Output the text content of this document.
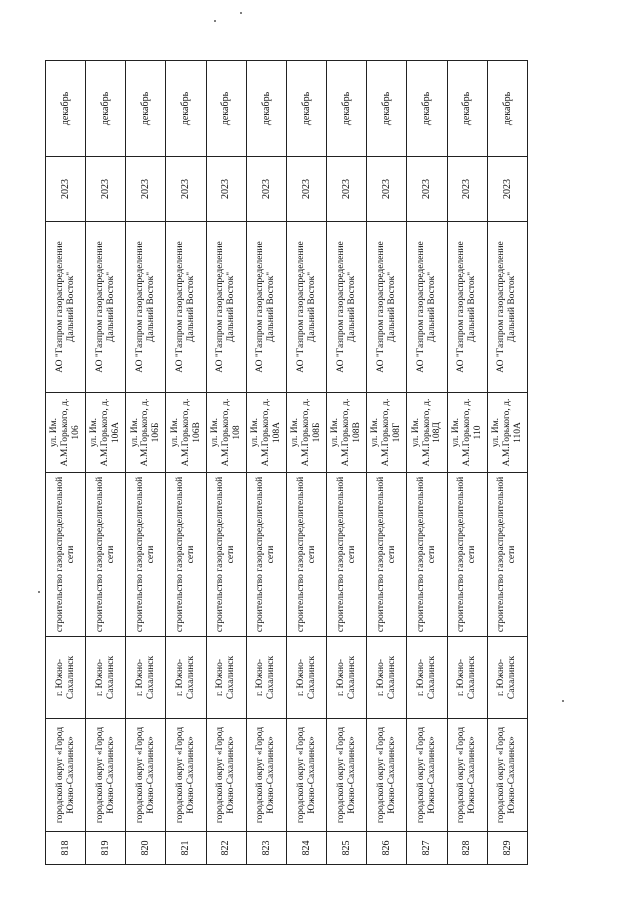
818	городской округ «Город Южно-Сахалинск»	г. Южно-Сахалинск	строительство газораспределительной сети	ул. Им. А.М.Горького, д. 106	АО "Газпром газораспределение Дальний Восток"	2023	декабрь
819	городской округ «Город Южно-Сахалинск»	г. Южно-Сахалинск	строительство газораспределительной сети	ул. Им. А.М.Горького, д. 106А	АО "Газпром газораспределение Дальний Восток"	2023	декабрь
820	городской округ «Город Южно-Сахалинск»	г. Южно-Сахалинск	строительство газораспределительной сети	ул. Им. А.М.Горького, д. 106Б	АО "Газпром газораспределение Дальний Восток"	2023	декабрь
821	городской округ «Город Южно-Сахалинск»	г. Южно-Сахалинск	строительство газораспределительной сети	ул. Им. А.М.Горького, д. 106В	АО "Газпром газораспределение Дальний Восток"	2023	декабрь
822	городской округ «Город Южно-Сахалинск»	г. Южно-Сахалинск	строительство газораспределительной сети	ул. Им. А.М.Горького, д. 108	АО "Газпром газораспределение Дальний Восток"	2023	декабрь
823	городской округ «Город Южно-Сахалинск»	г. Южно-Сахалинск	строительство газораспределительной сети	ул. Им. А.М.Горького, д. 108А	АО "Газпром газораспределение Дальний Восток"	2023	декабрь
824	городской округ «Город Южно-Сахалинск»	г. Южно-Сахалинск	строительство газораспределительной сети	ул. Им. А.М.Горького, д. 108Б	АО "Газпром газораспределение Дальний Восток"	2023	декабрь
825	городской округ «Город Южно-Сахалинск»	г. Южно-Сахалинск	строительство газораспределительной сети	ул. Им. А.М.Горького, д. 108В	АО "Газпром газораспределение Дальний Восток"	2023	декабрь
826	городской округ «Город Южно-Сахалинск»	г. Южно-Сахалинск	строительство газораспределительной сети	ул. Им. А.М.Горького, д. 108Г	АО "Газпром газораспределение Дальний Восток"	2023	декабрь
827	городской округ «Город Южно-Сахалинск»	г. Южно-Сахалинск	строительство газораспределительной сети	ул. Им. А.М.Горького, д. 108Д	АО "Газпром газораспределение Дальний Восток"	2023	декабрь
828	городской округ «Город Южно-Сахалинск»	г. Южно-Сахалинск	строительство газораспределительной сети	ул. Им. А.М.Горького, д. 110	АО "Газпром газораспределение Дальний Восток"	2023	декабрь
829	городской округ «Город Южно-Сахалинск»	г. Южно-Сахалинск	строительство газораспределительной сети	ул. Им. А.М.Горького, д. 110А	АО "Газпром газораспределение Дальний Восток"	2023	декабрь
